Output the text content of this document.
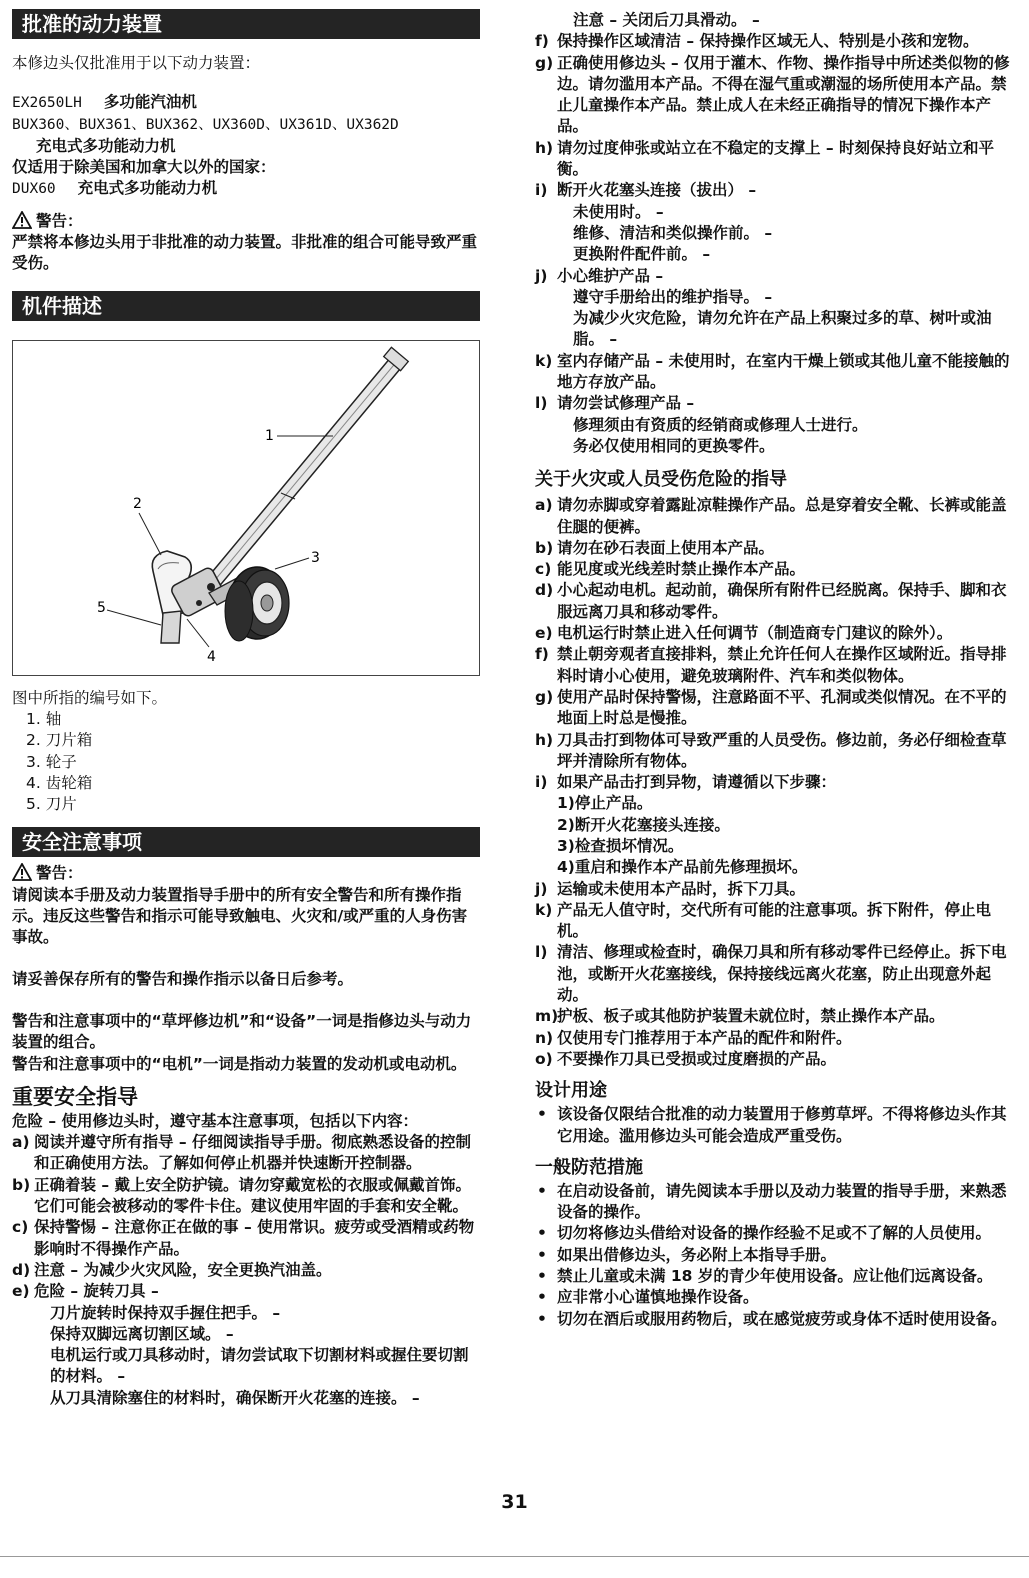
批准的动力装置

本修边头仅批准用于以下动力装置：

EX2650LH 多功能汽油机
BUX360、BUX361、BUX362、UX360D、UX361D、UX362D
充电式多功能动力机
仅适用于除美国和加拿大以外的国家：
DUX60 充电式多功能动力机
警告：

严禁将本修边头用于非批准的动力装置。非批准的组合可能导致严重受伤。

机件描述
1
2
3
4
5

图中所指的编号如下。

1. 轴
2. 刀片箱
3. 轮子
4. 齿轮箱
5. 刀片
安全注意事项
警告：

请阅读本手册及动力装置指导手册中的所有安全警告和所有操作指示。违反这些警告和指示可能导致触电、火灾和/或严重的人身伤害事故。

请妥善保存所有的警告和操作指示以备日后参考。

警告和注意事项中的“草坪修边机”和“设备”一词是指修边头与动力装置的组合。

警告和注意事项中的“电机”一词是指动力装置的发动机或电动机。

重要安全指导

危险 – 使用修边头时，遵守基本注意事项，包括以下内容：

a) 阅读并遵守所有指导 – 仔细阅读指导手册。彻底熟悉设备的控制和正确使用方法。了解如何停止机器并快速断开控制器。
b) 正确着装 – 戴上安全防护镜。请勿穿戴宽松的衣服或佩戴首饰。它们可能会被移动的零件卡住。建议使用牢固的手套和安全靴。
c) 保持警惕 – 注意你正在做的事 – 使用常识。疲劳或受酒精或药物影响时不得操作产品。
d) 注意 – 为减少火灾风险，安全更换汽油盖。
e) 危险 – 旋转刀具 –
刀片旋转时保持双手握住把手。 –
保持双脚远离切割区域。 –
电机运行或刀具移动时，请勿尝试取下切割材料或握住要切割的材料。 –
从刀具清除塞住的材料时，确保断开火花塞的连接。 –
注意 – 关闭后刀具滑动。 –
f) 保持操作区域清洁 – 保持操作区域无人、特别是小孩和宠物。
g) 正确使用修边头 – 仅用于灌木、作物、操作指导中所述类似物的修边。请勿滥用本产品。不得在湿气重或潮湿的场所使用本产品。禁止儿童操作本产品。禁止成人在未经正确指导的情况下操作本产品。
h) 请勿过度伸张或站立在不稳定的支撑上 – 时刻保持良好站立和平衡。
i) 断开火花塞头连接（拔出） –
未使用时。 –
维修、清洁和类似操作前。 –
更换附件配件前。 –
j) 小心维护产品 –
遵守手册给出的维护指导。 –
为减少火灾危险，请勿允许在产品上积聚过多的草、树叶或油脂。 –
k) 室内存储产品 – 未使用时，在室内干燥上锁或其他儿童不能接触的地方存放产品。
l) 请勿尝试修理产品 –
修理须由有资质的经销商或修理人士进行。
务必仅使用相同的更换零件。
关于火灾或人员受伤危险的指导
a) 请勿赤脚或穿着露趾凉鞋操作产品。总是穿着安全靴、长裤或能盖住腿的便裤。
b) 请勿在砂石表面上使用本产品。
c) 能见度或光线差时禁止操作本产品。
d) 小心起动电机。起动前，确保所有附件已经脱离。保持手、脚和衣服远离刀具和移动零件。
e) 电机运行时禁止进入任何调节（制造商专门建议的除外）。
f) 禁止朝旁观者直接排料，禁止允许任何人在操作区域附近。指导排料时请小心使用，避免玻璃附件、汽车和类似物体。
g) 使用产品时保持警惕，注意路面不平、孔洞或类似情况。在不平的地面上时总是慢推。
h) 刀具击打到物体可导致严重的人员受伤。修边前，务必仔细检查草坪并清除所有物体。
i) 如果产品击打到异物，请遵循以下步骤：
1)停止产品。
2)断开火花塞接头连接。
3)检查损坏情况。
4)重启和操作本产品前先修理损坏。
j) 运输或未使用本产品时，拆下刀具。
k) 产品无人值守时，交代所有可能的注意事项。拆下附件，停止电机。
l) 清洁、修理或检查时，确保刀具和所有移动零件已经停止。拆下电池，或断开火花塞接线，保持接线远离火花塞，防止出现意外起动。
m)
护板、板子或其他防护装置未就位时，禁止操作本产品。
n) 仅使用专门推荐用于本产品的配件和附件。
o) 不要操作刀具已受损或过度磨损的产品。
设计用途
• 该设备仅限结合批准的动力装置用于修剪草坪。不得将修边头作其它用途。滥用修边头可能会造成严重受伤。
一般防范措施
• 在启动设备前，请先阅读本手册以及动力装置的指导手册，来熟悉设备的操作。
• 切勿将修边头借给对设备的操作经验不足或不了解的人员使用。
• 如果出借修边头，务必附上本指导手册。
• 禁止儿童或未满 18 岁的青少年使用设备。应让他们远离设备。
• 应非常小心谨慎地操作设备。
• 切勿在酒后或服用药物后，或在感觉疲劳或身体不适时使用设备。
31
